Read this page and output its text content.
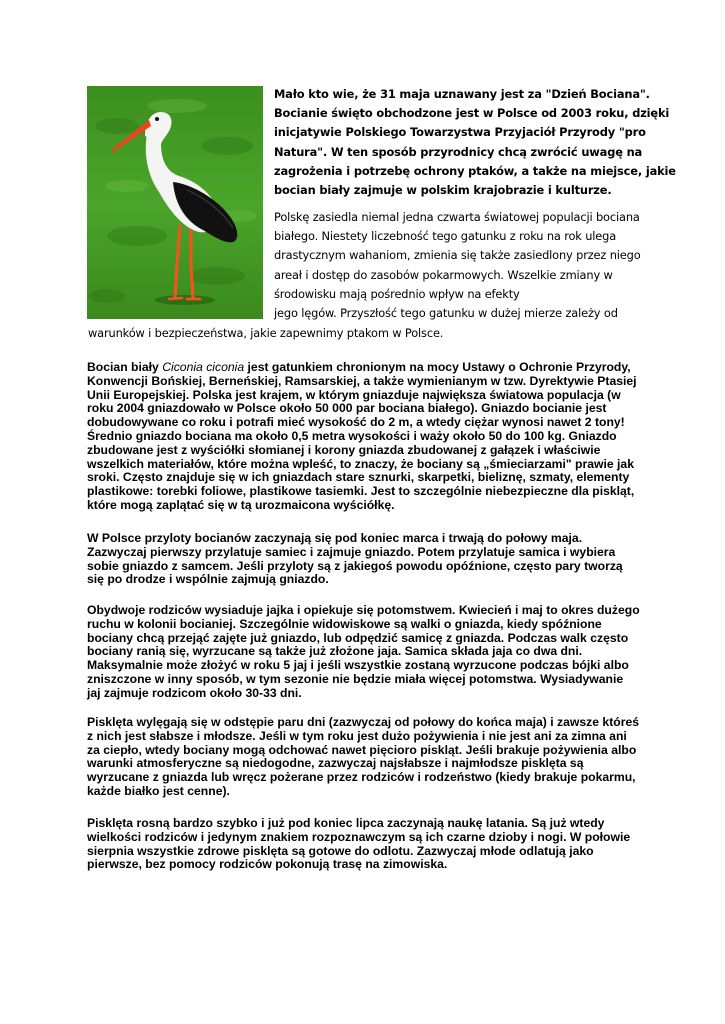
Mało kto wie, że 31 maja uznawany jest za "Dzień Bociana".
Bocianie święto obchodzone jest w Polsce od 2003 roku, dzięki
inicjatywie Polskiego Towarzystwa Przyjaciół Przyrody "pro
Natura". W ten sposób przyrodnicy chcą zwrócić uwagę na
zagrożenia i potrzebę ochrony ptaków, a także na miejsce, jakie
bocian biały zajmuje w polskim krajobrazie i kulturze.
Polskę zasiedla niemal jedna czwarta światowej populacji bociana
białego. Niestety liczebność tego gatunku z roku na rok ulega
drastycznym wahaniom, zmienia się także zasiedlony przez niego
areał i dostęp do zasobów pokarmowych. Wszelkie zmiany w
środowisku mają pośrednio wpływ na efekty
jego lęgów. Przyszłość tego gatunku w dużej mierze zależy od
warunków i bezpieczeństwa, jakie zapewnimy ptakom w Polsce.
Bocian biały Ciconia ciconia jest gatunkiem chronionym na mocy Ustawy o Ochronie Przyrody,
Konwencji Bońskiej, Berneńskiej, Ramsarskiej, a także wymienianym w tzw. Dyrektywie Ptasiej
Unii Europejskiej. Polska jest krajem, w którym gniazduje największa światowa populacja (w
roku 2004 gniazdowało w Polsce około 50 000 par bociana białego). Gniazdo bocianie jest
dobudowywane co roku i potrafi mieć wysokość do 2 m, a wtedy ciężar wynosi nawet 2 tony!
Średnio gniazdo bociana ma około 0,5 metra wysokości i waży około 50 do 100 kg. Gniazdo
zbudowane jest z wyściółki słomianej i korony gniazda zbudowanej z gałązek i właściwie
wszelkich materiałów, które można wpleść, to znaczy, że bociany są „śmieciarzami" prawie jak
sroki. Często znajduje się w ich gniazdach stare sznurki, skarpetki, bieliznę, szmaty, elementy
plastikowe: torebki foliowe, plastikowe tasiemki. Jest to szczególnie niebezpieczne dla piskląt,
które mogą zaplątać się w tą urozmaicona wyściółkę.
W Polsce przyloty bocianów zaczynają się pod koniec marca i trwają do połowy maja.
Zazwyczaj pierwszy przylatuje samiec i zajmuje gniazdo. Potem przylatuje samica i wybiera
sobie gniazdo z samcem. Jeśli przyloty są z jakiegoś powodu opóźnione, często pary tworzą
się po drodze i wspólnie zajmują gniazdo.
Obydwoje rodziców wysiaduje jajka i opiekuje się potomstwem. Kwiecień i maj to okres dużego
ruchu w kolonii bocianiej. Szczególnie widowiskowe są walki o gniazda, kiedy spóźnione
bociany chcą przejąć zajęte już gniazdo, lub odpędzić samicę z gniazda. Podczas walk często
bociany ranią się, wyrzucane są także już złożone jaja. Samica składa jaja co dwa dni.
Maksymalnie może złożyć w roku 5 jaj i jeśli wszystkie zostaną wyrzucone podczas bójki albo
zniszczone w inny sposób, w tym sezonie nie będzie miała więcej potomstwa. Wysiadywanie
jaj zajmuje rodzicom około 30-33 dni.
Pisklęta wylęgają się w odstępie paru dni (zazwyczaj od połowy do końca maja) i zawsze któreś
z nich jest słabsze i młodsze. Jeśli w tym roku jest dużo pożywienia i nie jest ani za zimna ani
za ciepło, wtedy bociany mogą odchować nawet pięcioro piskląt. Jeśli brakuje pożywienia albo
warunki atmosferyczne są niedogodne, zazwyczaj najsłabsze i najmłodsze pisklęta są
wyrzucane z gniazda lub wręcz pożerane przez rodziców i rodzeństwo (kiedy brakuje pokarmu,
każde białko jest cenne).
Pisklęta rosną bardzo szybko i już pod koniec lipca zaczynają naukę latania. Są już wtedy
wielkości rodziców i jedynym znakiem rozpoznawczym są ich czarne dzioby i nogi. W połowie
sierpnia wszystkie zdrowe pisklęta są gotowe do odlotu. Zazwyczaj młode odlatują jako
pierwsze, bez pomocy rodziców pokonują trasę na zimowiska.
